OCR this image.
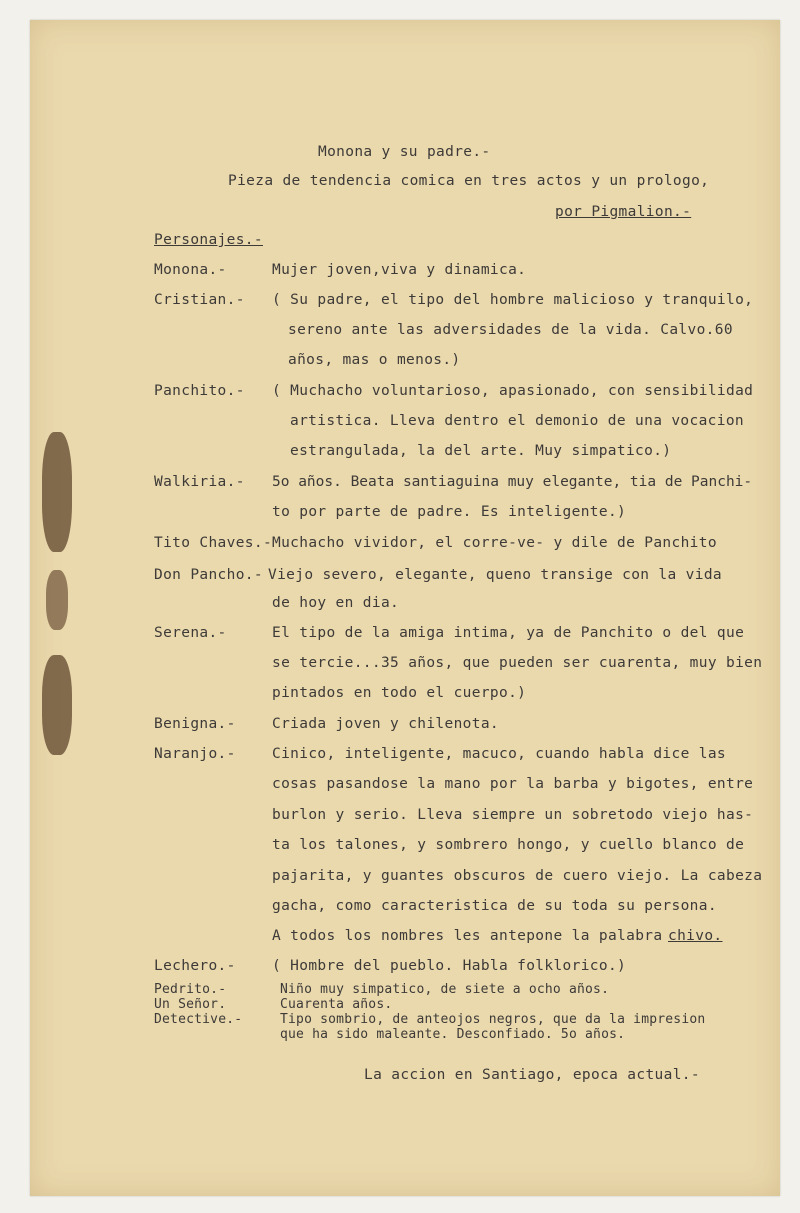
Monona y su padre.-
Pieza de tendencia comica en tres actos y un prologo,
por Pigmalion.-
Personajes.-
Monona.-	Mujer joven,viva y dinamica.
Cristian.- ( Su padre, el tipo del hombre malicioso y tranquilo,
sereno ante las adversidades de la vida. Calvo.60
años, mas o menos.)
Panchito.- ( Muchacho voluntarioso, apasionado, con sensibilidad
artistica. Lleva dentro el demonio de una vocacion
estrangulada, la del arte. Muy simpatico.)
Walkiria.- 5o años. Beata santiaguina muy elegante, tia de Panchi-
to por parte de padre. Es inteligente.)
Tito Chaves.- Muchacho vividor, el corre-ve- y dile de Panchito
Don Pancho.- Viejo severo, elegante, queno transige con la vida
de hoy en dia.
Serena.-	El tipo de la amiga intima, ya de Panchito o del que
se tercie...35 años, que pueden ser cuarenta, muy bien
pintados en todo el cuerpo.)
Benigna.-	Criada joven y chilenota.
Naranjo.-	Cinico, inteligente, macuco, cuando habla dice las
cosas pasandose la mano por la barba y bigotes, entre
burlon y serio. Lleva siempre un sobretodo viejo has-
ta los talones, y sombrero hongo, y cuello blanco de
pajarita, y guantes obscuros de cuero viejo. La cabeza
gacha, como caracteristica de su toda su persona.
A todos los nombres les antepone la palabra chivo.
Lechero.-	( Hombre del pueblo. Habla folklorico.)
Pedrito.-	Niño muy simpatico, de siete a ocho años.
Un Señor.	Cuarenta años.
Detective.-	Tipo sombrio, de anteojos negros, que da la impresion
que ha sido maleante. Desconfiado. 5o años.
La accion en Santiago, epoca actual.-
